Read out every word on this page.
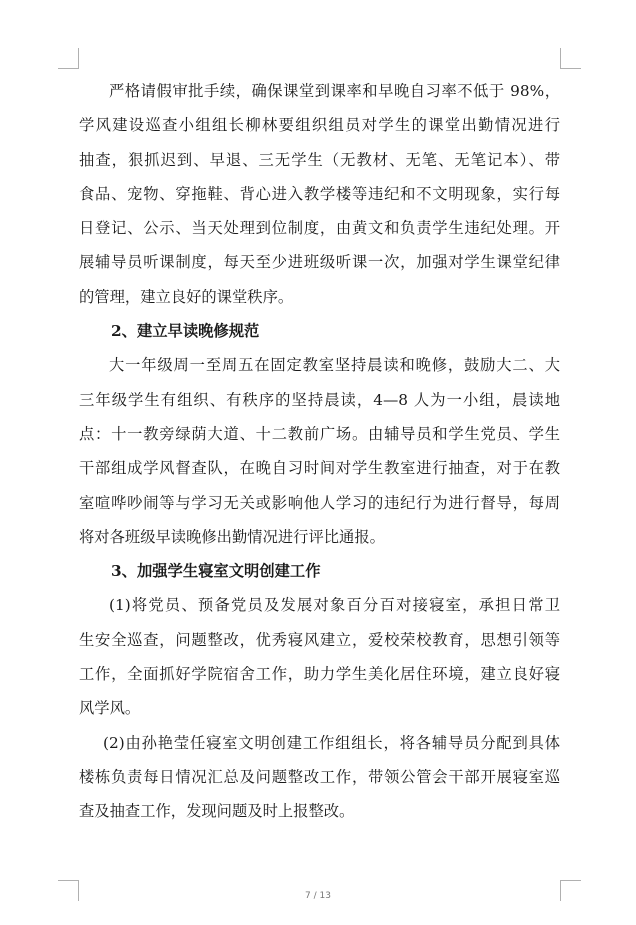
严格请假审批手续，确保课堂到课率和早晚自习率不低于 98%，
学风建设巡查小组组长柳林要组织组员对学生的课堂出勤情况进行
抽查，狠抓迟到、早退、三无学生（无教材、无笔、无笔记本）、带
食品、宠物、穿拖鞋、背心进入教学楼等违纪和不文明现象，实行每
日登记、公示、当天处理到位制度，由黄文和负责学生违纪处理。开
展辅导员听课制度，每天至少进班级听课一次，加强对学生课堂纪律
的管理，建立良好的课堂秩序。
2、建立早读晚修规范
大一年级周一至周五在固定教室坚持晨读和晚修，鼓励大二、大
三年级学生有组织、有秩序的坚持晨读，4—8 人为一小组，晨读地
点：十一教旁绿荫大道、十二教前广场。由辅导员和学生党员、学生
干部组成学风督查队，在晚自习时间对学生教室进行抽查，对于在教
室喧哗吵闹等与学习无关或影响他人学习的违纪行为进行督导，每周
将对各班级早读晚修出勤情况进行评比通报。
3、加强学生寝室文明创建工作
(1)将党员、预备党员及发展对象百分百对接寝室，承担日常卫
生安全巡查，问题整改，优秀寝风建立，爱校荣校教育，思想引领等
工作，全面抓好学院宿舍工作，助力学生美化居住环境，建立良好寝
风学风。
(2)由孙艳莹任寝室文明创建工作组组长，将各辅导员分配到具体
楼栋负责每日情况汇总及问题整改工作，带领公管会干部开展寝室巡
查及抽查工作，发现问题及时上报整改。
7 / 13
